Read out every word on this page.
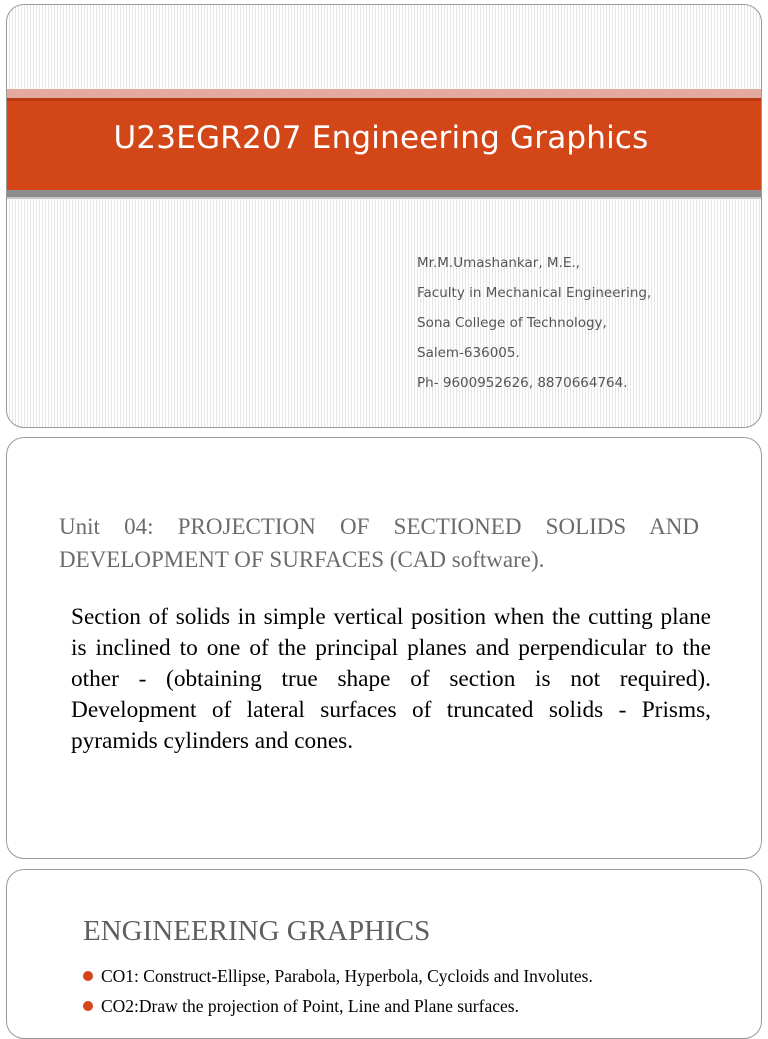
U23EGR207 Engineering Graphics
Mr.M.Umashankar, M.E.,
Faculty in Mechanical Engineering,
Sona College of Technology,
Salem-636005.
Ph- 9600952626, 8870664764.
Unit 04: PROJECTION OF SECTIONED SOLIDS AND DEVELOPMENT OF SURFACES (CAD software).
Section of solids in simple vertical position when the cutting plane is inclined to one of the principal planes and perpendicular to the other - (obtaining true shape of section is not required). Development of lateral surfaces of truncated solids - Prisms, pyramids cylinders and cones.
ENGINEERING GRAPHICS
CO1: Construct-Ellipse, Parabola, Hyperbola, Cycloids and Involutes.
CO2:Draw the projection of Point, Line and Plane surfaces.
